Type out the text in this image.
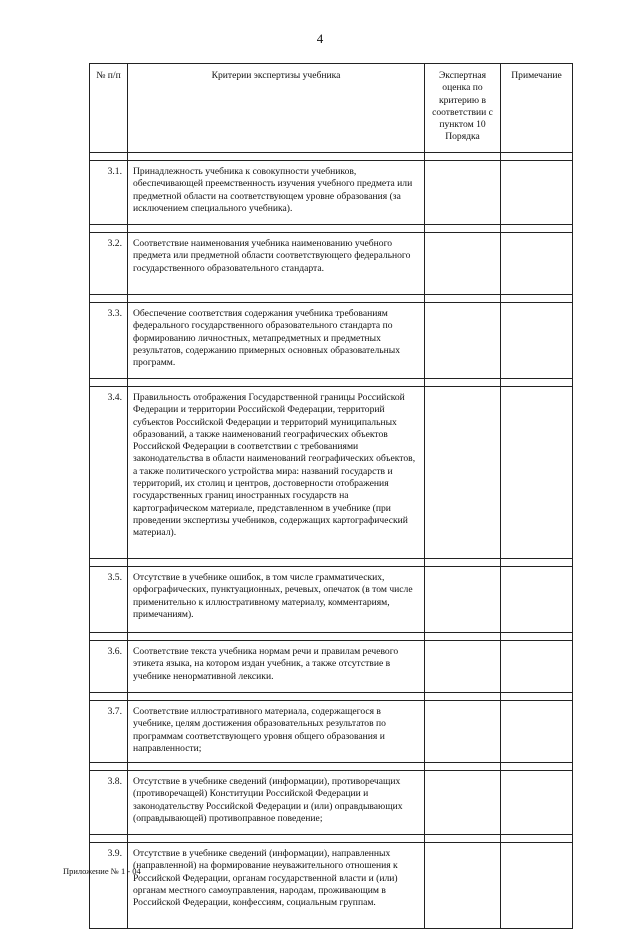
4
№ п/п	Критерии экспертизы учебника	Экспертная оценка по критерию в соответствии с пунктом 10 Порядка	Примечание

3.1.	Принадлежность учебника к совокупности учебников, обеспечивающей преемственность изучения учебного предмета или предметной области на соответствующем уровне образования (за исключением специального учебника).		

3.2.	Соответствие наименования учебника наименованию учебного предмета или предметной области соответствующего федерального государственного образовательного стандарта.		

3.3.	Обеспечение соответствия содержания учебника требованиям федерального государственного образовательного стандарта по формированию личностных, метапредметных и предметных результатов, содержанию примерных основных образовательных программ.		

3.4.	Правильность отображения Государственной границы Российской Федерации и территории Российской Федерации, территорий субъектов Российской Федерации и территорий муниципальных образований, а также наименований географических объектов Российской Федерации в соответствии с требованиями законодательства в области наименований географических объектов, а также политического устройства мира: названий государств и территорий, их столиц и центров, достоверности отображения государственных границ иностранных государств на картографическом материале, представленном в учебнике (при проведении экспертизы учебников, содержащих картографический материал).		

3.5.	Отсутствие в учебнике ошибок, в том числе грамматических, орфографических, пунктуационных, речевых, опечаток (в том числе применительно к иллюстративному материалу, комментариям, примечаниям).		

3.6.	Соответствие текста учебника нормам речи и правилам речевого этикета языка, на котором издан учебник, а также отсутствие в учебнике ненормативной лексики.		

3.7.	Соответствие иллюстративного материала, содержащегося в учебнике, целям достижения образовательных результатов по программам соответствующего уровня общего образования и направленности;		

3.8.	Отсутствие в учебнике сведений (информации), противоречащих (противоречащей) Конституции Российской Федерации и законодательству Российской Федерации и (или) оправдывающих (оправдывающей) противоправное поведение;		

3.9.	Отсутствие в учебнике сведений (информации), направленных (направленной) на формирование неуважительного отношения к Российской Федерации, органам государственной власти и (или) органам местного самоуправления, народам, проживающим в Российской Федерации, конфессиям, социальным группам.		
Приложение № 1 - 04
